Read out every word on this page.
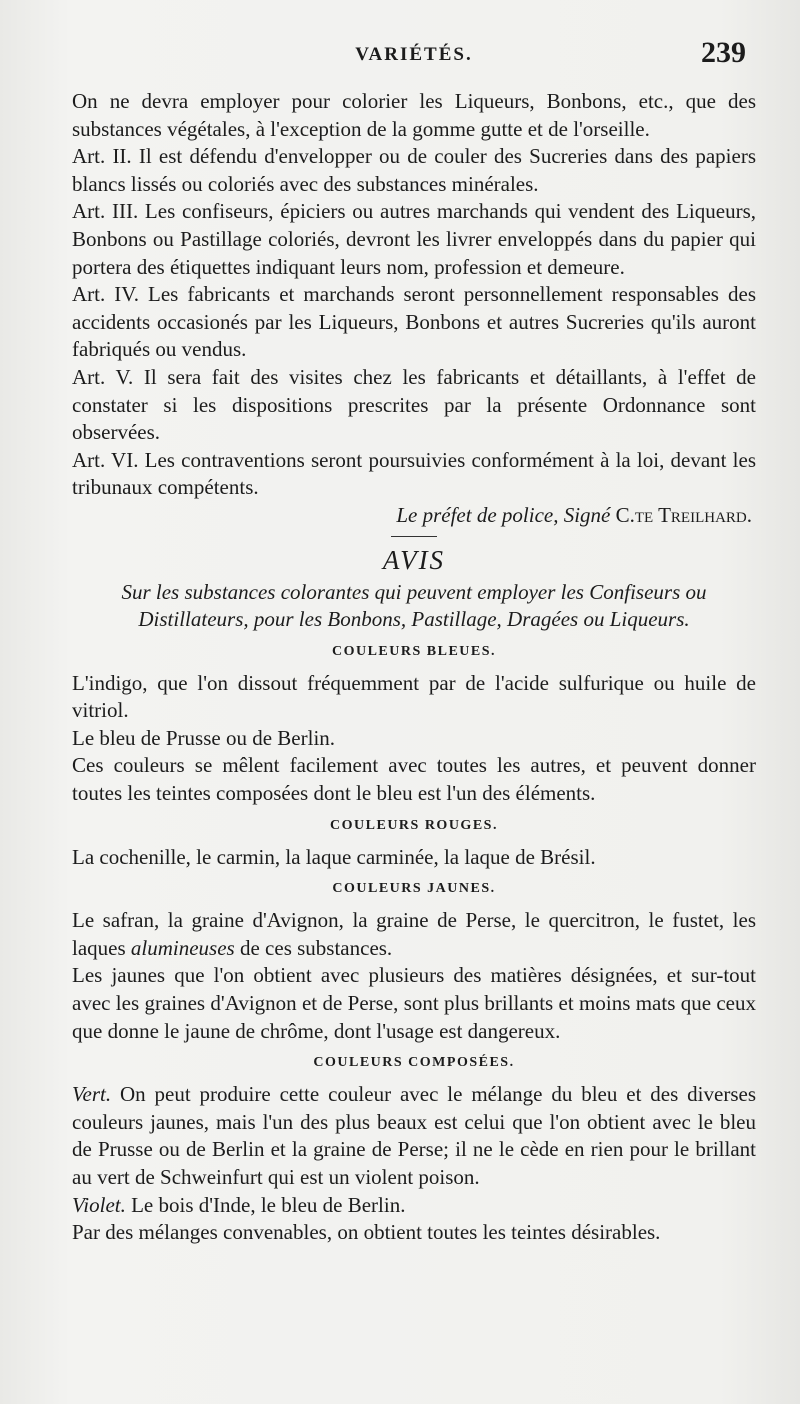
VARIÉTÉS.	239

On ne devra employer pour colorier les Liqueurs, Bonbons, etc., que des substances végétales, à l'exception de la gomme gutte et de l'orseille.

Art. II. Il est défendu d'envelopper ou de couler des Sucreries dans des papiers blancs lissés ou coloriés avec des substances minérales.

Art. III. Les confiseurs, épiciers ou autres marchands qui vendent des Liqueurs, Bonbons ou Pastillage coloriés, devront les livrer enveloppés dans du papier qui portera des étiquettes indiquant leurs nom, profession et demeure.

Art. IV. Les fabricants et marchands seront personnellement responsables des accidents occasionés par les Liqueurs, Bonbons et autres Sucreries qu'ils auront fabriqués ou vendus.

Art. V. Il sera fait des visites chez les fabricants et détaillants, à l'effet de constater si les dispositions prescrites par la présente Ordonnance sont observées.

Art. VI. Les contraventions seront poursuivies conformément à la loi, devant les tribunaux compétents.

Le préfet de police, Signé C.te Treilhard.

AVIS
Sur les substances colorantes qui peuvent employer les Confiseurs ou Distillateurs, pour les Bonbons, Pastillage, Dragées ou Liqueurs.
COULEURS BLEUES.

L'indigo, que l'on dissout fréquemment par de l'acide sulfurique ou huile de vitriol.

Le bleu de Prusse ou de Berlin.

Ces couleurs se mêlent facilement avec toutes les autres, et peuvent donner toutes les teintes composées dont le bleu est l'un des éléments.

COULEURS ROUGES.

La cochenille, le carmin, la laque carminée, la laque de Brésil.

COULEURS JAUNES.

Le safran, la graine d'Avignon, la graine de Perse, le quercitron, le fustet, les laques alumineuses de ces substances.

Les jaunes que l'on obtient avec plusieurs des matières désignées, et sur-tout avec les graines d'Avignon et de Perse, sont plus brillants et moins mats que ceux que donne le jaune de chrôme, dont l'usage est dangereux.

COULEURS COMPOSÉES.

Vert. On peut produire cette couleur avec le mélange du bleu et des diverses couleurs jaunes, mais l'un des plus beaux est celui que l'on obtient avec le bleu de Prusse ou de Berlin et la graine de Perse; il ne le cède en rien pour le brillant au vert de Schweinfurt qui est un violent poison.

Violet. Le bois d'Inde, le bleu de Berlin.

Par des mélanges convenables, on obtient toutes les teintes désirables.
